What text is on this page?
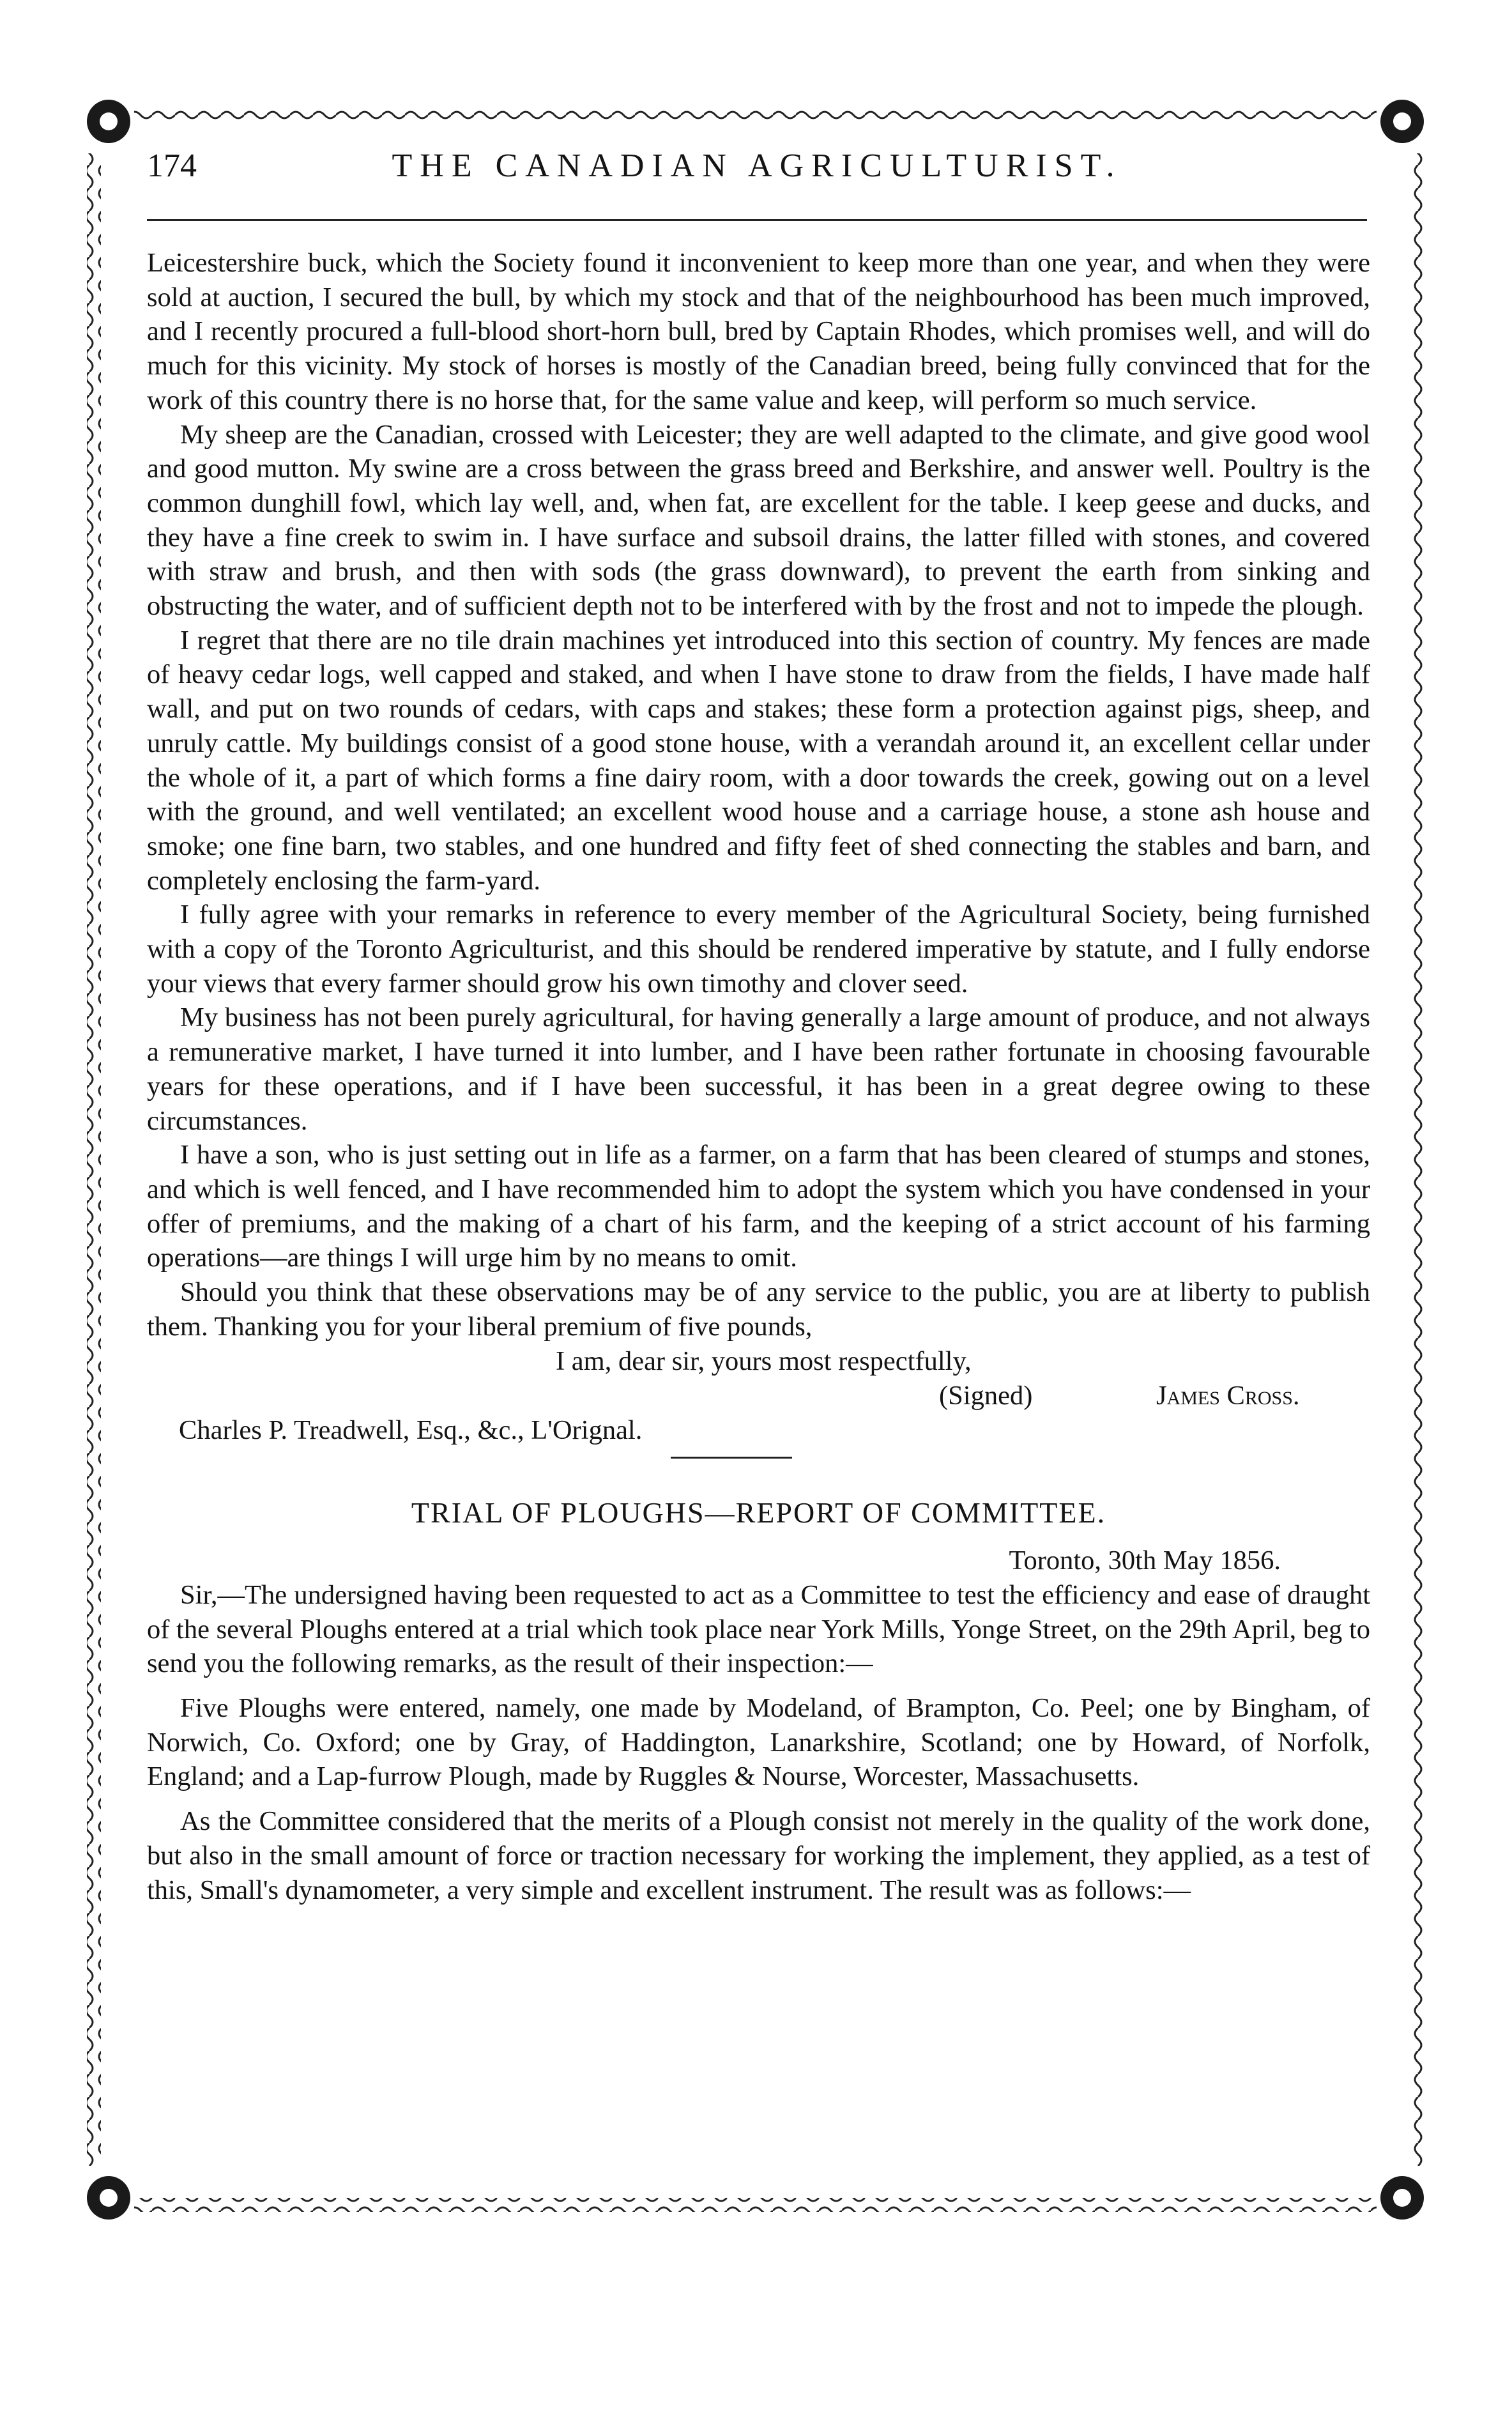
174	THE CANADIAN AGRICULTURIST.

Leicestershire buck, which the Society found it inconvenient to keep more than one year, and when they were sold at auction, I secured the bull, by which my stock and that of the neighbourhood has been much improved, and I recently procured a full-blood short-horn bull, bred by Captain Rhodes, which promises well, and will do much for this vicinity. My stock of horses is mostly of the Canadian breed, being fully convinced that for the work of this country there is no horse that, for the same value and keep, will perform so much service.

My sheep are the Canadian, crossed with Leicester; they are well adapted to the climate, and give good wool and good mutton. My swine are a cross between the grass breed and Berkshire, and answer well. Poultry is the common dunghill fowl, which lay well, and, when fat, are excellent for the table. I keep geese and ducks, and they have a fine creek to swim in. I have surface and subsoil drains, the latter filled with stones, and covered with straw and brush, and then with sods (the grass downward), to prevent the earth from sinking and obstructing the water, and of sufficient depth not to be interfered with by the frost and not to impede the plough.

I regret that there are no tile drain machines yet introduced into this section of country. My fences are made of heavy cedar logs, well capped and staked, and when I have stone to draw from the fields, I have made half wall, and put on two rounds of cedars, with caps and stakes; these form a protection against pigs, sheep, and unruly cattle. My buildings consist of a good stone house, with a verandah around it, an excellent cellar under the whole of it, a part of which forms a fine dairy room, with a door towards the creek, gowing out on a level with the ground, and well ventilated; an excellent wood house and a carriage house, a stone ash house and smoke; one fine barn, two stables, and one hundred and fifty feet of shed connecting the stables and barn, and completely enclosing the farm-yard.

I fully agree with your remarks in reference to every member of the Agricultural Society, being furnished with a copy of the Toronto Agriculturist, and this should be rendered imperative by statute, and I fully endorse your views that every farmer should grow his own timothy and clover seed.

My business has not been purely agricultural, for having generally a large amount of produce, and not always a remunerative market, I have turned it into lumber, and I have been rather fortunate in choosing favourable years for these operations, and if I have been successful, it has been in a great degree owing to these circumstances.

I have a son, who is just setting out in life as a farmer, on a farm that has been cleared of stumps and stones, and which is well fenced, and I have recommended him to adopt the system which you have condensed in your offer of premiums, and the making of a chart of his farm, and the keeping of a strict account of his farming operations—are things I will urge him by no means to omit.

Should you think that these observations may be of any service to the public, you are at liberty to publish them. Thanking you for your liberal premium of five pounds,

I am, dear sir, yours most respectfully,
(Signed)	James Cross.
Charles P. Treadwell, Esq., &c., L'Orignal.
TRIAL OF PLOUGHS—REPORT OF COMMITTEE.
Toronto, 30th May 1856.

Sir,—The undersigned having been requested to act as a Committee to test the efficiency and ease of draught of the several Ploughs entered at a trial which took place near York Mills, Yonge Street, on the 29th April, beg to send you the following remarks, as the result of their inspection:—

Five Ploughs were entered, namely, one made by Modeland, of Brampton, Co. Peel; one by Bingham, of Norwich, Co. Oxford; one by Gray, of Haddington, Lanarkshire, Scotland; one by Howard, of Norfolk, England; and a Lap-furrow Plough, made by Ruggles & Nourse, Worcester, Massachusetts.

As the Committee considered that the merits of a Plough consist not merely in the quality of the work done, but also in the small amount of force or traction necessary for working the implement, they applied, as a test of this, Small's dynamometer, a very simple and excellent instrument. The result was as follows:—
